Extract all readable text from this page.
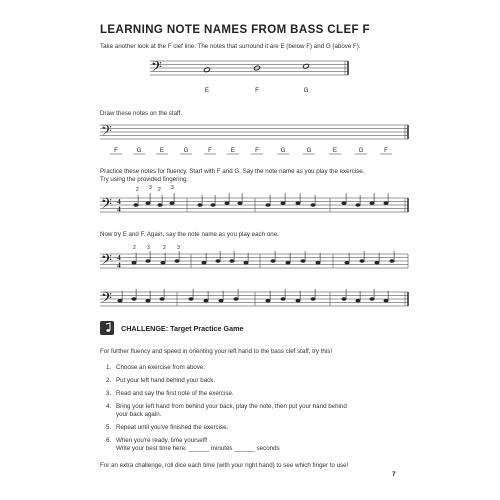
LEARNING NOTE NAMES FROM BASS CLEF F
Take another look at the F clef line. The notes that surround it are E (below F) and G (above F).
𝄢
𝄢
𝄢
𝄢
𝄢
4
4
4
4
2 3 2 3
2 3	2 3
E	F	G
F	G	E	G	F	E	F	G	G	E	G	F
Draw these notes on the staff.
Practice these notes for fluency. Start with F and G. Say the note name as you play the exercise.
Try using the provided fingering.
Now try E and F. Again, say the note name as you play each one.
CHALLENGE: Target Practice Game
For further fluency and speed in orienting your left hand to the bass clef staff, try this!
1. Choose an exercise from above.
2. Put your left hand behind your back.
3. Read and say the first note of the exercise.
4. Bring your left hand from behind your back, play the note, then put your hand behind
your back again.
5. Repeat until you've finished the exercise.
6. When you're ready, time yourself!
Write your best time here: ______ minutes ______ seconds
For an extra challenge, roll dice each time (with your right hand) to see which finger to use!
7
